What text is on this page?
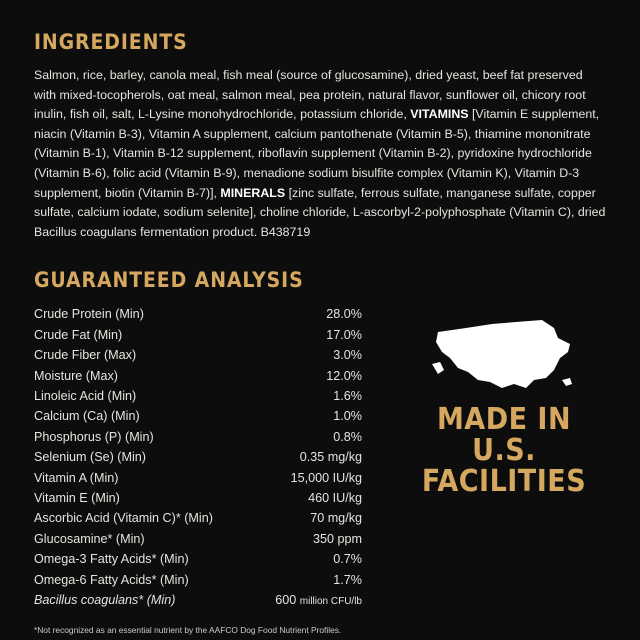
INGREDIENTS

Salmon, rice, barley, canola meal, fish meal (source of glucosamine), dried yeast, beef fat preserved with mixed-tocopherols, oat meal, salmon meal, pea protein, natural flavor, sunflower oil, chicory root inulin, fish oil, salt, L-Lysine monohydrochloride, potassium chloride, VITAMINS [Vitamin E supplement, niacin (Vitamin B-3), Vitamin A supplement, calcium pantothenate (Vitamin B-5), thiamine mononitrate (Vitamin B-1), Vitamin B-12 supplement, riboflavin supplement (Vitamin B-2), pyridoxine hydrochloride (Vitamin B-6), folic acid (Vitamin B-9), menadione sodium bisulfite complex (Vitamin K), Vitamin D-3 supplement, biotin (Vitamin B-7)], MINERALS [zinc sulfate, ferrous sulfate, manganese sulfate, copper sulfate, calcium iodate, sodium selenite], choline chloride, L-ascorbyl-2-polyphosphate (Vitamin C), dried Bacillus coagulans fermentation product. B438719

GUARANTEED ANALYSIS
Crude Protein (Min)	28.0%
Crude Fat (Min)	17.0%
Crude Fiber (Max)	3.0%
Moisture (Max)	12.0%
Linoleic Acid (Min)	1.6%
Calcium (Ca) (Min)	1.0%
Phosphorus (P) (Min)	0.8%
Selenium (Se) (Min)	0.35 mg/kg
Vitamin A (Min)	15,000 IU/kg
Vitamin E (Min)	460 IU/kg
Ascorbic Acid (Vitamin C)* (Min)	70 mg/kg
Glucosamine* (Min)	350 ppm
Omega-3 Fatty Acids* (Min)	0.7%
Omega-6 Fatty Acids* (Min)	1.7%
Bacillus coagulans* (Min)	600 million CFU/lb
*Not recognized as an essential nutrient by the AAFCO Dog Food Nutrient Profiles.
MADE IN
U.S.
FACILITIES
